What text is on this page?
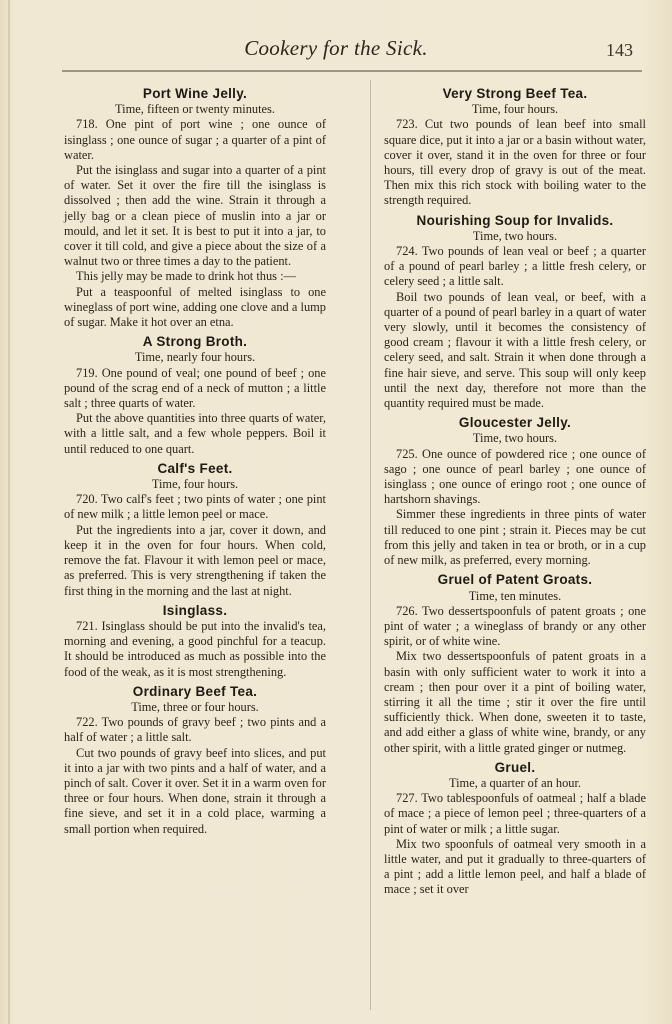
Cookery for the Sick.	143
Port Wine Jelly.

Time, fifteen or twenty minutes.

718. One pint of port wine ; one ounce of isinglass ; one ounce of sugar ; a quarter of a pint of water.

Put the isinglass and sugar into a quarter of a pint of water. Set it over the fire till the isinglass is dissolved ; then add the wine. Strain it through a jelly bag or a clean piece of muslin into a jar or mould, and let it set. It is best to put it into a jar, to cover it till cold, and give a piece about the size of a walnut two or three times a day to the patient.

This jelly may be made to drink hot thus :—

Put a teaspoonful of melted isinglass to one wineglass of port wine, adding one clove and a lump of sugar. Make it hot over an etna.

A Strong Broth.

Time, nearly four hours.

719. One pound of veal; one pound of beef ; one pound of the scrag end of a neck of mutton ; a little salt ; three quarts of water.

Put the above quantities into three quarts of water, with a little salt, and a few whole peppers. Boil it until reduced to one quart.

Calf's Feet.

Time, four hours.

720. Two calf's feet ; two pints of water ; one pint of new milk ; a little lemon peel or mace.

Put the ingredients into a jar, cover it down, and keep it in the oven for four hours. When cold, remove the fat. Flavour it with lemon peel or mace, as preferred. This is very strengthening if taken the first thing in the morning and the last at night.

Isinglass.

721. Isinglass should be put into the invalid's tea, morning and evening, a good pinchful for a teacup. It should be introduced as much as possible into the food of the weak, as it is most strengthening.

Ordinary Beef Tea.

Time, three or four hours.

722. Two pounds of gravy beef ; two pints and a half of water ; a little salt.

Cut two pounds of gravy beef into slices, and put it into a jar with two pints and a half of water, and a pinch of salt. Cover it over. Set it in a warm oven for three or four hours. When done, strain it through a fine sieve, and set it in a cold place, warming a small portion when required.

Very Strong Beef Tea.

Time, four hours.

723. Cut two pounds of lean beef into small square dice, put it into a jar or a basin without water, cover it over, stand it in the oven for three or four hours, till every drop of gravy is out of the meat. Then mix this rich stock with boiling water to the strength required.

Nourishing Soup for Invalids.

Time, two hours.

724. Two pounds of lean veal or beef ; a quarter of a pound of pearl barley ; a little fresh celery, or celery seed ; a little salt.

Boil two pounds of lean veal, or beef, with a quarter of a pound of pearl barley in a quart of water very slowly, until it becomes the consistency of good cream ; flavour it with a little fresh celery, or celery seed, and salt. Strain it when done through a fine hair sieve, and serve. This soup will only keep until the next day, therefore not more than the quantity required must be made.

Gloucester Jelly.

Time, two hours.

725. One ounce of powdered rice ; one ounce of sago ; one ounce of pearl barley ; one ounce of isinglass ; one ounce of eringo root ; one ounce of hartshorn shavings.

Simmer these ingredients in three pints of water till reduced to one pint ; strain it. Pieces may be cut from this jelly and taken in tea or broth, or in a cup of new milk, as preferred, every morning.

Gruel of Patent Groats.

Time, ten minutes.

726. Two dessertspoonfuls of patent groats ; one pint of water ; a wineglass of brandy or any other spirit, or of white wine.

Mix two dessertspoonfuls of patent groats in a basin with only sufficient water to work it into a cream ; then pour over it a pint of boiling water, stirring it all the time ; stir it over the fire until sufficiently thick. When done, sweeten it to taste, and add either a glass of white wine, brandy, or any other spirit, with a little grated ginger or nutmeg.

Gruel.

Time, a quarter of an hour.

727. Two tablespoonfuls of oatmeal ; half a blade of mace ; a piece of lemon peel ; three-quarters of a pint of water or milk ; a little sugar.

Mix two spoonfuls of oatmeal very smooth in a little water, and put it gradually to three-quarters of a pint ; add a little lemon peel, and half a blade of mace ; set it over
